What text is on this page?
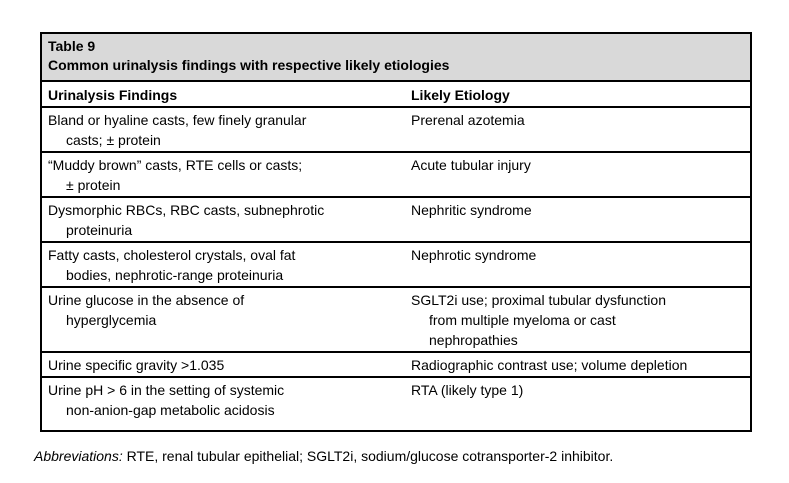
Table 9
Common urinalysis findings with respective likely etiologies
Urinalysis Findings	Likely Etiology
Bland or hyaline casts, few finely granular
casts; ± protein
Prerenal azotemia
“Muddy brown” casts, RTE cells or casts;
± protein
Acute tubular injury
Dysmorphic RBCs, RBC casts, subnephrotic
proteinuria
Nephritic syndrome
Fatty casts, cholesterol crystals, oval fat
bodies, nephrotic-range proteinuria
Nephrotic syndrome
Urine glucose in the absence of
hyperglycemia
SGLT2i use; proximal tubular dysfunction
from multiple myeloma or cast
nephropathies
Urine specific gravity >1.035	Radiographic contrast use; volume depletion
Urine pH > 6 in the setting of systemic
non-anion-gap metabolic acidosis
RTA (likely type 1)
Abbreviations: RTE, renal tubular epithelial; SGLT2i, sodium/glucose cotransporter-2 inhibitor.
